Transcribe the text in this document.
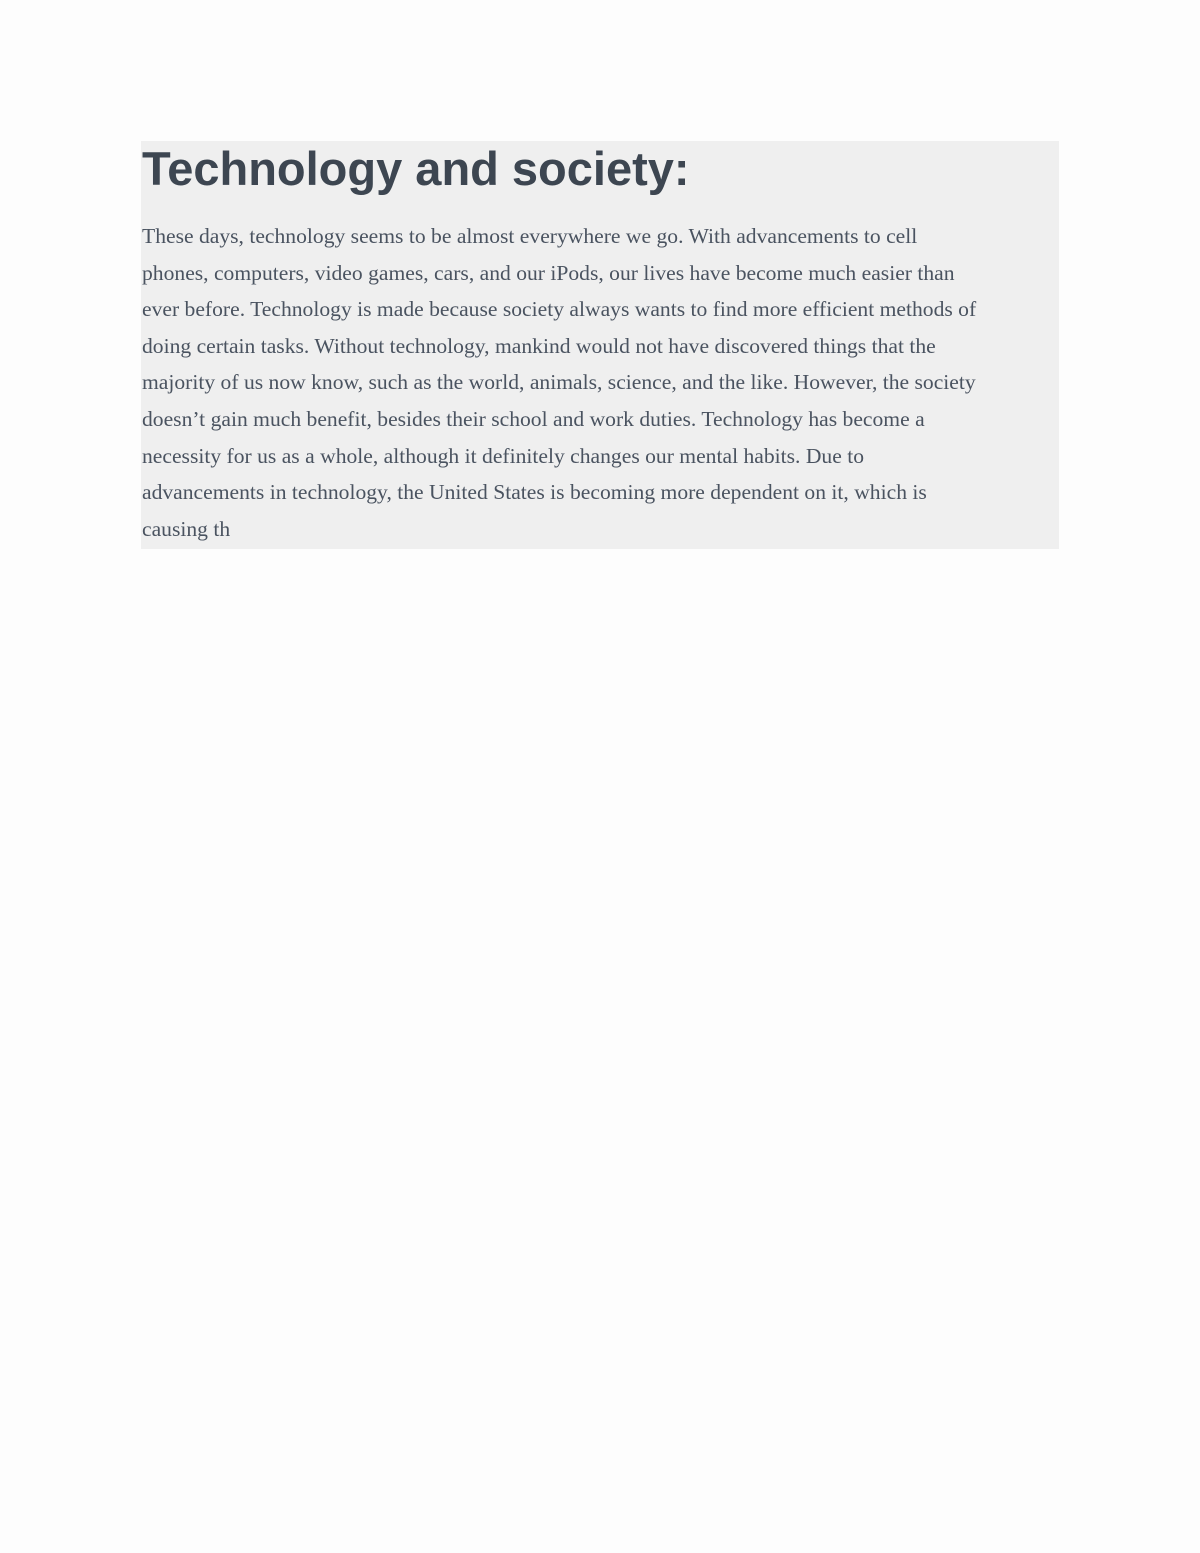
Technology and society:
These days, technology seems to be almost everywhere we go. With advancements to cell
phones, computers, video games, cars, and our iPods, our lives have become much easier than
ever before. Technology is made because society always wants to find more efficient methods of
doing certain tasks. Without technology, mankind would not have discovered things that the
majority of us now know, such as the world, animals, science, and the like. However, the society
doesn’t gain much benefit, besides their school and work duties. Technology has become a
necessity for us as a whole, although it definitely changes our mental habits. Due to
advancements in technology, the United States is becoming more dependent on it, which is
causing th
